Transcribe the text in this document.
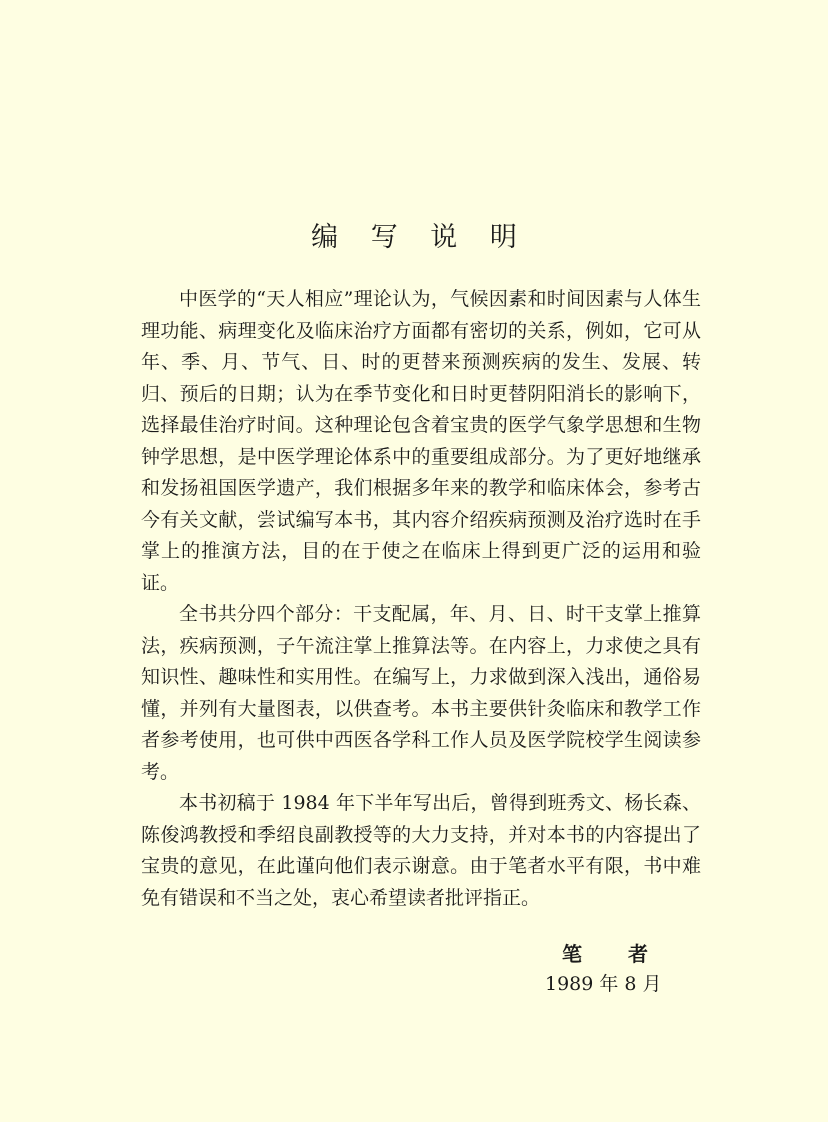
编 写 说 明

中医学的“天人相应”理论认为，气候因素和时间因素与人体生理功能、病理变化及临床治疗方面都有密切的关系，例如，它可从年、季、月、节气、日、时的更替来预测疾病的发生、发展、转归、预后的日期；认为在季节变化和日时更替阴阳消长的影响下，选择最佳治疗时间。这种理论包含着宝贵的医学气象学思想和生物钟学思想，是中医学理论体系中的重要组成部分。为了更好地继承和发扬祖国医学遗产，我们根据多年来的教学和临床体会，参考古今有关文献，尝试编写本书，其内容介绍疾病预测及治疗选时在手掌上的推演方法，目的在于使之在临床上得到更广泛的运用和验证。

全书共分四个部分：干支配属，年、月、日、时干支掌上推算法，疾病预测，子午流注掌上推算法等。在内容上，力求使之具有知识性、趣味性和实用性。在编写上，力求做到深入浅出，通俗易懂，并列有大量图表，以供查考。本书主要供针灸临床和教学工作者参考使用，也可供中西医各学科工作人员及医学院校学生阅读参考。

本书初稿于 1984 年下半年写出后，曾得到班秀文、杨长森、陈俊鸿教授和季绍良副教授等的大力支持，并对本书的内容提出了宝贵的意见，在此谨向他们表示谢意。由于笔者水平有限，书中难免有错误和不当之处，衷心希望读者批评指正。

笔　　者
1989 年 8 月
